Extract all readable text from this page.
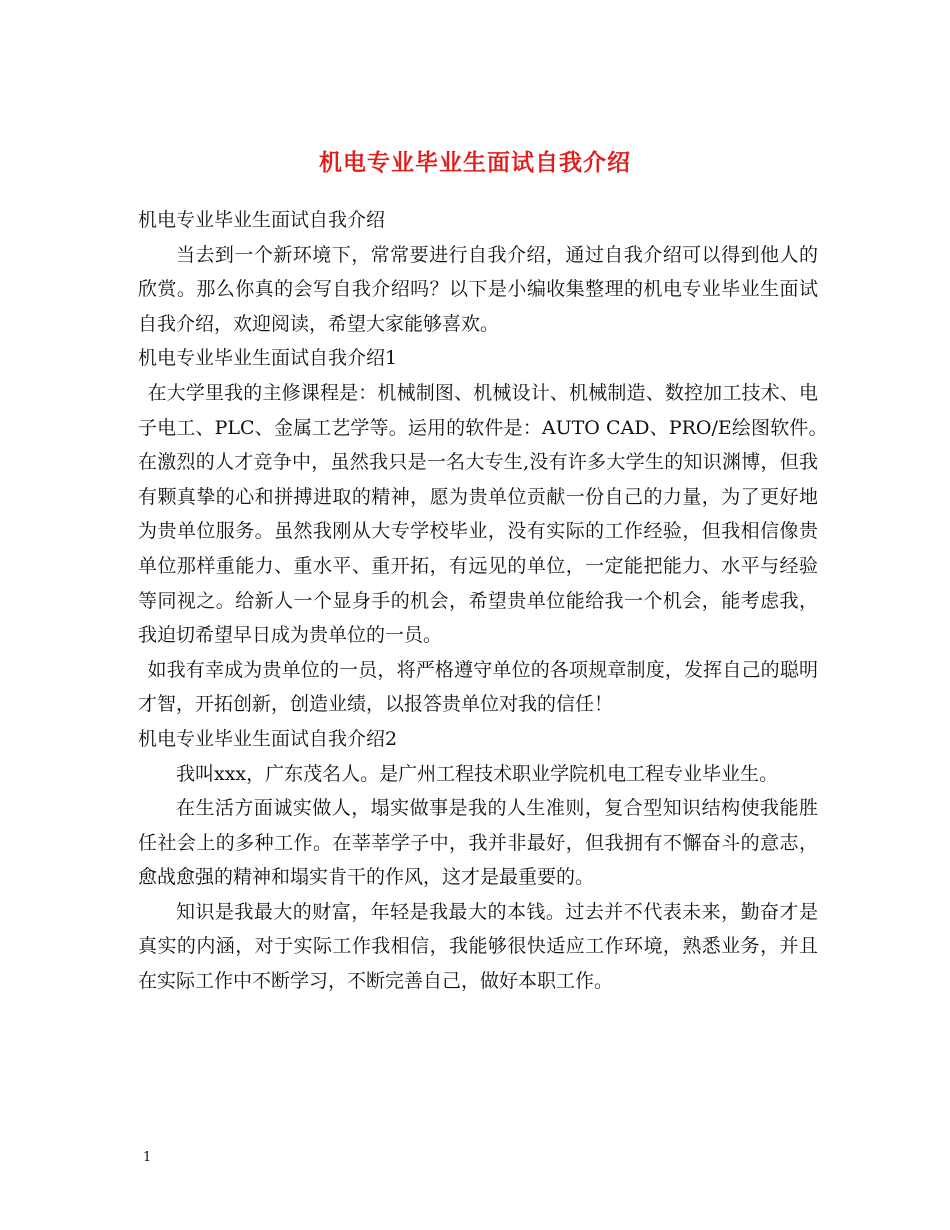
机电专业毕业生面试自我介绍

机电专业毕业生面试自我介绍

当去到一个新环境下，常常要进行自我介绍，通过自我介绍可以得到他人的欣赏。那么你真的会写自我介绍吗？以下是小编收集整理的机电专业毕业生面试自我介绍，欢迎阅读，希望大家能够喜欢。

机电专业毕业生面试自我介绍1

在大学里我的主修课程是：机械制图、机械设计、机械制造、数控加工技术、电子电工、PLC、金属工艺学等。运用的软件是：AUTO CAD、PRO/E绘图软件。　　在激烈的人才竞争中，虽然我只是一名大专生,没有许多大学生的知识渊博，但我有颗真挚的心和拼搏进取的精神，愿为贵单位贡献一份自己的力量，为了更好地为贵单位服务。虽然我刚从大专学校毕业，没有实际的工作经验，但我相信像贵单位那样重能力、重水平、重开拓，有远见的单位，一定能把能力、水平与经验等同视之。给新人一个显身手的机会，希望贵单位能给我一个机会，能考虑我，我迫切希望早日成为贵单位的一员。

如我有幸成为贵单位的一员，将严格遵守单位的各项规章制度，发挥自己的聪明才智，开拓创新，创造业绩，以报答贵单位对我的信任！

机电专业毕业生面试自我介绍2

我叫xxx，广东茂名人。是广州工程技术职业学院机电工程专业毕业生。

在生活方面诚实做人，塌实做事是我的人生准则，复合型知识结构使我能胜任社会上的多种工作。在莘莘学子中，我并非最好，但我拥有不懈奋斗的意志，愈战愈强的精神和塌实肯干的作风，这才是最重要的。

知识是我最大的财富，年轻是我最大的本钱。过去并不代表未来，勤奋才是真实的内涵，对于实际工作我相信，我能够很快适应工作环境，熟悉业务，并且在实际工作中不断学习，不断完善自己，做好本职工作。

1
